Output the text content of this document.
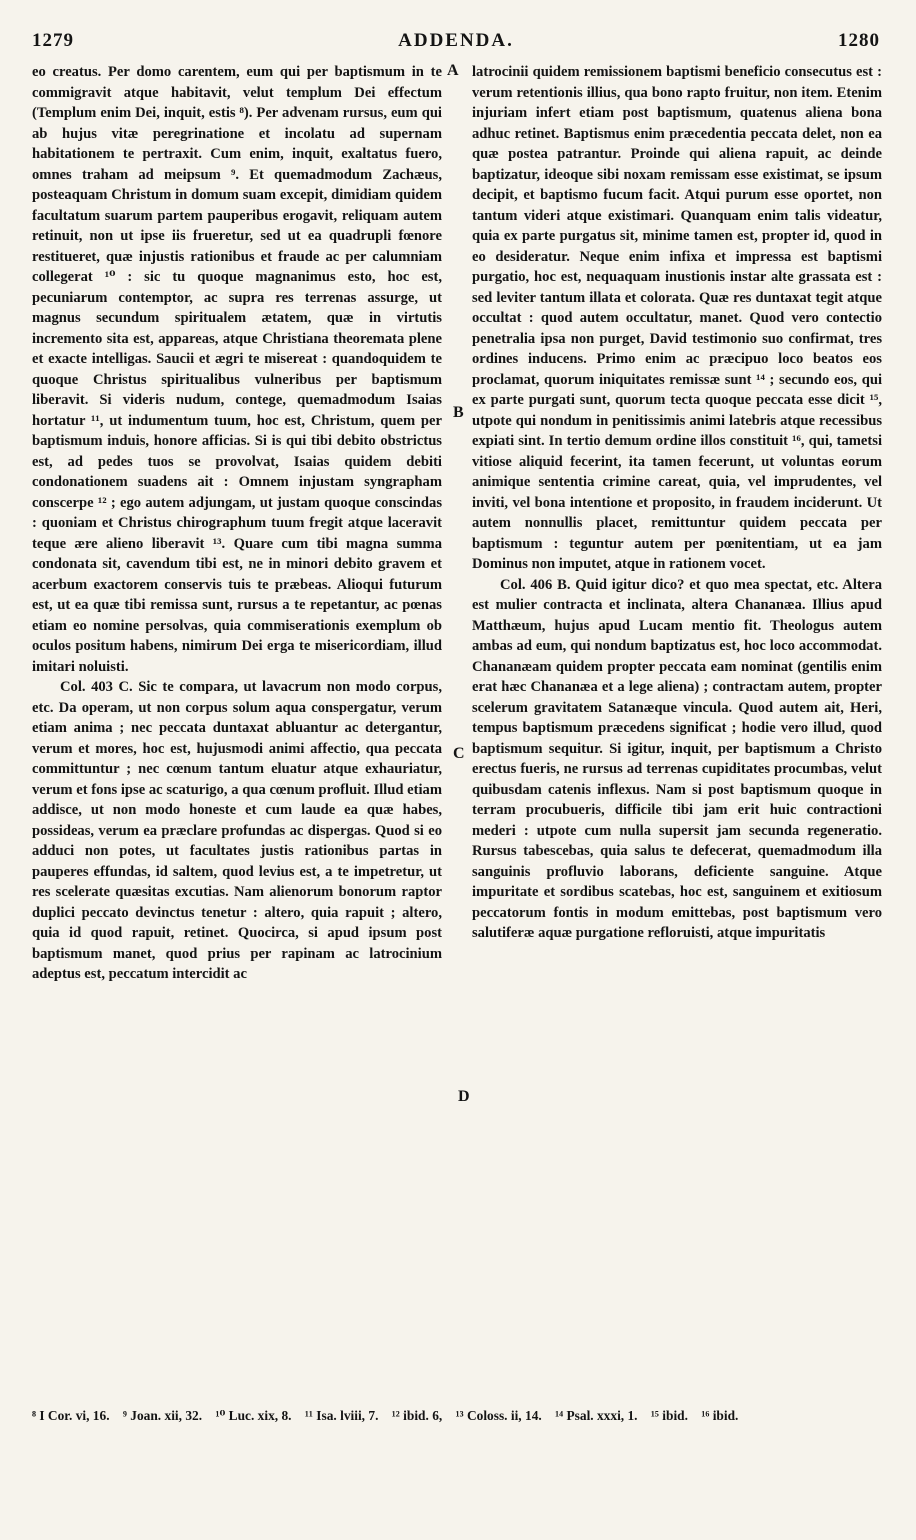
1279	ADDENDA.	1280

eo creatus. Per domo carentem, eum qui per baptismum in te commigravit atque habitavit, velut templum Dei effectum (Templum enim Dei, inquit, estis ⁸). Per advenam rursus, eum qui ab hujus vitæ peregrinatione et incolatu ad supernam habitationem te pertraxit. Cum enim, inquit, exaltatus fuero, omnes traham ad meipsum ⁹. Et quemadmodum Zachæus, posteaquam Christum in domum suam excepit, dimidiam quidem facultatum suarum partem pauperibus erogavit, reliquam autem retinuit, non ut ipse iis frueretur, sed ut ea quadrupli fœnore restitueret, quæ injustis rationibus et fraude ac per calumniam collegerat ¹⁰ : sic tu quoque magnanimus esto, hoc est, pecuniarum contemptor, ac supra res terrenas assurge, ut magnus secundum spiritualem ætatem, quæ in virtutis incremento sita est, appareas, atque Christiana theoremata plene et exacte intelligas. Saucii et ægri te misereat : quandoquidem te quoque Christus spiritualibus vulneribus per baptismum liberavit. Si videris nudum, contege, quemadmodum Isaias hortatur ¹¹, ut indumentum tuum, hoc est, Christum, quem per baptismum induis, honore afficias. Si is qui tibi debito obstrictus est, ad pedes tuos se provolvat, Isaias quidem debiti condonationem suadens ait : Omnem injustam syngrapham conscerpe ¹² ; ego autem adjungam, ut justam quoque conscindas : quoniam et Christus chirographum tuum fregit atque laceravit teque ære alieno liberavit ¹³. Quare cum tibi magna summa condonata sit, cavendum tibi est, ne in minori debito gravem et acerbum exactorem conservis tuis te præbeas. Alioqui futurum est, ut ea quæ tibi remissa sunt, rursus a te repetantur, ac pœnas etiam eo nomine persolvas, quia commiserationis exemplum ob oculos positum habens, nimirum Dei erga te misericordiam, illud imitari noluisti.

Col. 403 C. Sic te compara, ut lavacrum non modo corpus, etc. Da operam, ut non corpus solum aqua conspergatur, verum etiam anima ; nec peccata duntaxat abluantur ac detergantur, verum et mores, hoc est, hujusmodi animi affectio, qua peccata committuntur ; nec cœnum tantum eluatur atque exhauriatur, verum et fons ipse ac scaturigo, a qua cœnum profluit. Illud etiam addisce, ut non modo honeste et cum laude ea quæ habes, possideas, verum ea præclare profundas ac dispergas. Quod si eo adduci non potes, ut facultates justis rationibus partas in pauperes effundas, id saltem, quod levius est, a te impetretur, ut res scelerate quæsitas excutias. Nam alienorum bonorum raptor duplici peccato devinctus tenetur : altero, quia rapuit ; altero, quia id quod rapuit, retinet. Quocirca, si apud ipsum post baptismum manet, quod prius per rapinam ac latrocinium adeptus est, peccatum intercidit ac

latrocinii quidem remissionem baptismi beneficio consecutus est : verum retentionis illius, qua bono rapto fruitur, non item. Etenim injuriam infert etiam post baptismum, quatenus aliena bona adhuc retinet. Baptismus enim præcedentia peccata delet, non ea quæ postea patrantur. Proinde qui aliena rapuit, ac deinde baptizatur, ideoque sibi noxam remissam esse existimat, se ipsum decipit, et baptismo fucum facit. Atqui purum esse oportet, non tantum videri atque existimari. Quanquam enim talis videatur, quia ex parte purgatus sit, minime tamen est, propter id, quod in eo desideratur. Neque enim infixa et impressa est baptismi purgatio, hoc est, nequaquam inustionis instar alte grassata est : sed leviter tantum illata et colorata. Quæ res duntaxat tegit atque occultat : quod autem occultatur, manet. Quod vero contectio penetralia ipsa non purget, David testimonio suo confirmat, tres ordines inducens. Primo enim ac præcipuo loco beatos eos proclamat, quorum iniquitates remissæ sunt ¹⁴ ; secundo eos, qui ex parte purgati sunt, quorum tecta quoque peccata esse dicit ¹⁵, utpote qui nondum in penitissimis animi latebris atque recessibus expiati sint. In tertio demum ordine illos constituit ¹⁶, qui, tametsi vitiose aliquid fecerint, ita tamen fecerunt, ut voluntas eorum animique sententia crimine careat, quia, vel imprudentes, vel inviti, vel bona intentione et proposito, in fraudem inciderunt. Ut autem nonnullis placet, remittuntur quidem peccata per baptismum : teguntur autem per pœnitentiam, ut ea jam Dominus non imputet, atque in rationem vocet.

Col. 406 B. Quid igitur dico? et quo mea spectat, etc. Altera est mulier contracta et inclinata, altera Chananæa. Illius apud Matthæum, hujus apud Lucam mentio fit. Theologus autem ambas ad eum, qui nondum baptizatus est, hoc loco accommodat. Chananæam quidem propter peccata eam nominat (gentilis enim erat hæc Chananæa et a lege aliena) ; contractam autem, propter scelerum gravitatem Satanæque vincula. Quod autem ait, Heri, tempus baptismum præcedens significat ; hodie vero illud, quod baptismum sequitur. Si igitur, inquit, per baptismum a Christo erectus fueris, ne rursus ad terrenas cupiditates procumbas, velut quibusdam catenis inflexus. Nam si post baptismum quoque in terram procubueris, difficile tibi jam erit huic contractioni mederi : utpote cum nulla supersit jam secunda regeneratio. Rursus tabescebas, quia salus te defecerat, quemadmodum illa sanguinis profluvio laborans, deficiente sanguine. Atque impuritate et sordibus scatebas, hoc est, sanguinem et exitiosum peccatorum fontis in modum emittebas, post baptismum vero salutiferæ aquæ purgatione refloruisti, atque impuritatis

A
B
C
D
⁸ I Cor. vi, 16. ⁹ Joan. xii, 32. ¹⁰ Luc. xix, 8. ¹¹ Isa. lviii, 7. ¹² ibid. 6, ¹³ Coloss. ii, 14. ¹⁴ Psal. xxxi, 1. ¹⁵ ibid. ¹⁶ ibid.
